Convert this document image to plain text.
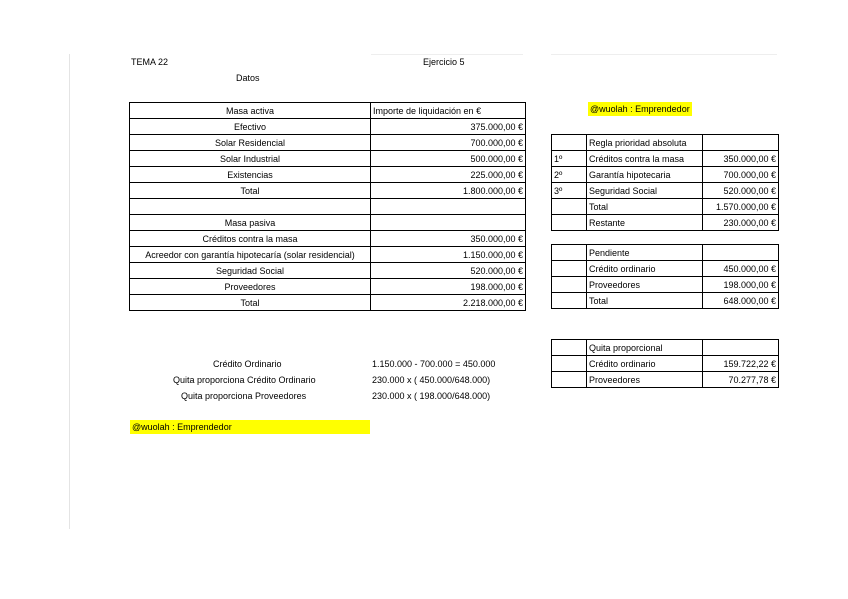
TEMA 22
Datos
Ejercicio 5
Masa activa	Importe de liquidación en €
Efectivo	375.000,00 €
Solar Residencial	700.000,00 €
Solar Industrial	500.000,00 €
Existencias	225.000,00 €
Total	1.800.000,00 €

Masa pasiva	
Créditos contra la masa	350.000,00 €
Acreedor con garantía hipotecaría (solar residencial)	1.150.000,00 €
Seguridad Social	520.000,00 €
Proveedores	198.000,00 €
Total	2.218.000,00 €
Crédito Ordinario	1.150.000 - 700.000 = 450.000
Quita proporciona Crédito Ordinario	230.000 x ( 450.000/648.000)
Quita proporciona Proveedores	230.000 x ( 198.000/648.000)
@wuolah : Emprendedor
@wuolah : Emprendedor
	Regla prioridad absoluta	
1º	Créditos contra la masa	350.000,00 €
2º	Garantía hipotecaria	700.000,00 €
3º	Seguridad Social	520.000,00 €
	Total	1.570.000,00 €
	Restante	230.000,00 €
	Pendiente	
	Crédito ordinario	450.000,00 €
	Proveedores	198.000,00 €
	Total	648.000,00 €
	Quita proporcional	
	Crédito ordinario	159.722,22 €
	Proveedores	70.277,78 €
